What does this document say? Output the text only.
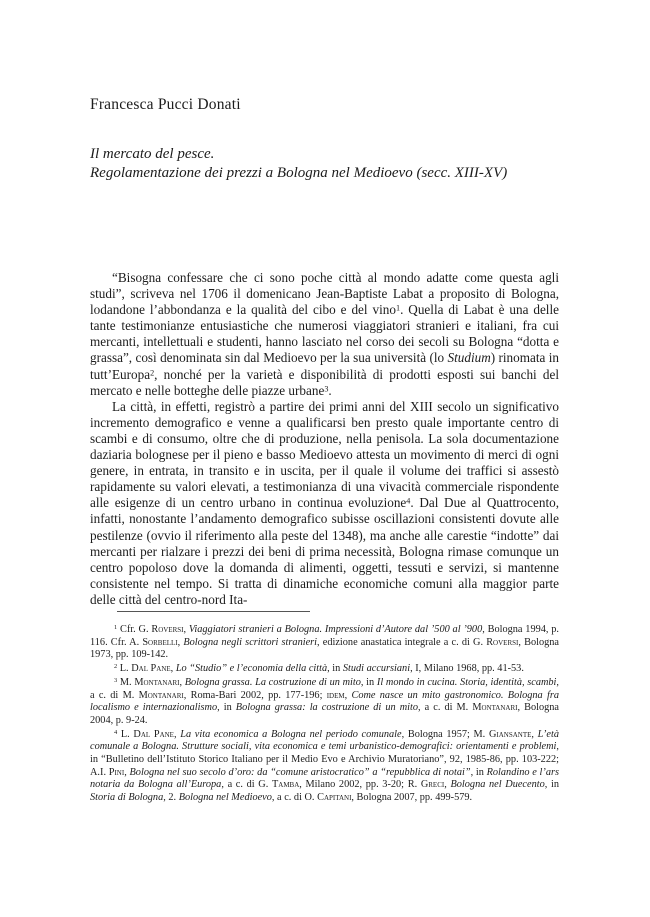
Francesca Pucci Donati
Il mercato del pesce.
Regolamentazione dei prezzi a Bologna nel Medioevo (secc. XIII-XV)

“Bisogna confessare che ci sono poche città al mondo adatte come questa agli studi”, scriveva nel 1706 il domenicano Jean-Baptiste Labat a proposito di Bologna, lodandone l’abbondanza e la qualità del cibo e del vino$^1$. Quella di Labat è una delle tante testimonianze entusiastiche che numerosi viaggiatori stranieri e italiani, fra cui mercanti, intellettuali e studenti, hanno lasciato nel corso dei secoli su Bologna “dotta e grassa”, così denominata sin dal Medioevo per la sua università (lo Studium) rinomata in tutt’Europa$^2$, nonché per la varietà e disponibilità di prodotti esposti sui banchi del mercato e nelle botteghe delle piazze urbane$^3$.

La città, in effetti, registrò a partire dei primi anni del XIII secolo un significativo incremento demografico e venne a qualificarsi ben presto quale importante centro di scambi e di consumo, oltre che di produzione, nella penisola. La sola documentazione daziaria bolognese per il pieno e basso Medioevo attesta un movimento di merci di ogni genere, in entrata, in transito e in uscita, per il quale il volume dei traffici si assestò rapidamente su valori elevati, a testimonianza di una vivacità commerciale rispondente alle esigenze di un centro urbano in continua evoluzione$^4$. Dal Due al Quattrocento, infatti, nonostante l’andamento demografico subisse oscillazioni consistenti dovute alle pestilenze (ovvio il riferimento alla peste del 1348), ma anche alle carestie “indotte” dai mercanti per rialzare i prezzi dei beni di prima necessità, Bologna rimase comunque un centro popoloso dove la domanda di alimenti, oggetti, tessuti e servizi, si mantenne consistente nel tempo. Si tratta di dinamiche economiche comuni alla maggior parte delle città del centro-nord Ita-

$^1$ Cfr. G. Roversi, Viaggiatori stranieri a Bologna. Impressioni d’Autore dal ’500 al ’900, Bologna 1994, p. 116. Cfr. A. Sorbelli, Bologna negli scrittori stranieri, edizione anastatica integrale a c. di G. Roversi, Bologna 1973, pp. 109-142.

$^2$ L. Dal Pane, Lo “Studio” e l’economia della città, in Studi accursiani, I, Milano 1968, pp. 41-53.

$^3$ M. Montanari, Bologna grassa. La costruzione di un mito, in Il mondo in cucina. Storia, identità, scambi, a c. di M. Montanari, Roma-Bari 2002, pp. 177-196; idem, Come nasce un mito gastronomico. Bologna fra localismo e internazionalismo, in Bologna grassa: la costruzione di un mito, a c. di M. Montanari, Bologna 2004, p. 9-24.

$^4$ L. Dal Pane, La vita economica a Bologna nel periodo comunale, Bologna 1957; M. Giansante, L’età comunale a Bologna. Strutture sociali, vita economica e temi urbanistico-demografici: orientamenti e problemi, in “Bulletino dell’Istituto Storico Italiano per il Medio Evo e Archivio Muratoriano”, 92, 1985-86, pp. 103-222; A.I. Pini, Bologna nel suo secolo d’oro: da “comune aristocratico” a “repubblica di notai”, in Rolandino e l’ars notaria da Bologna all’Europa, a c. di G. Tamba, Milano 2002, pp. 3-20; R. Greci, Bologna nel Duecento, in Storia di Bologna, 2. Bologna nel Medioevo, a c. di O. Capitani, Bologna 2007, pp. 499-579.
